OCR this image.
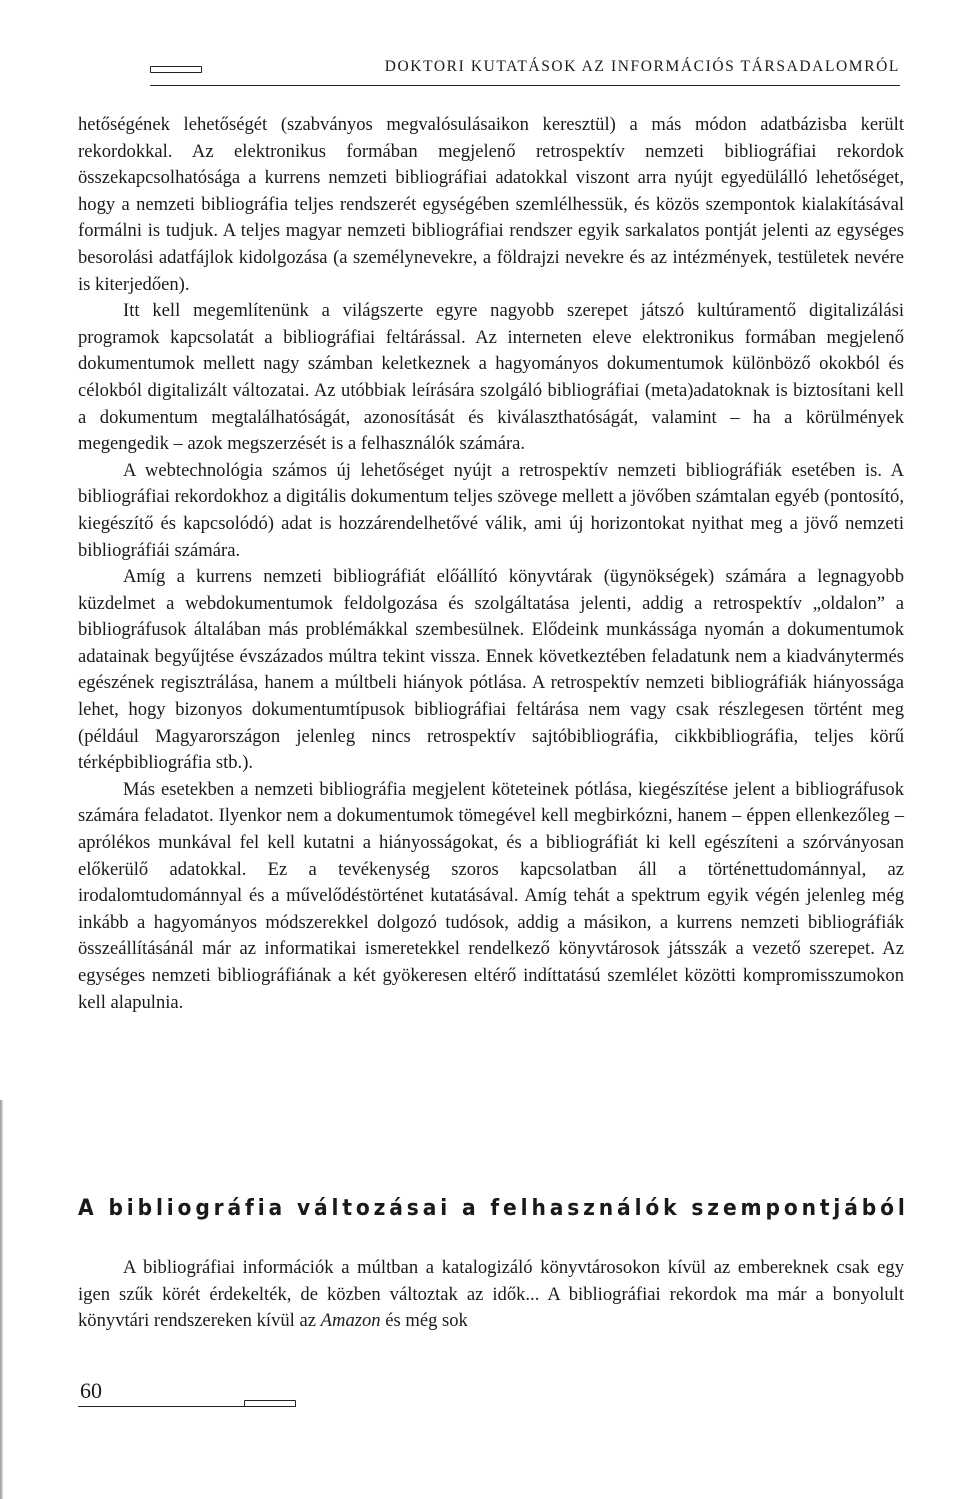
DOKTORI KUTATÁSOK AZ INFORMÁCIÓS TÁRSADALOMRÓL

hetőségének lehetőségét (szabványos megvalósulásaikon keresztül) a más módon adatbázisba került rekordokkal. Az elektronikus formában megjelenő retrospektív nemzeti bibliográfiai rekordok összekapcsolhatósága a kurrens nemzeti bibliográfiai adatokkal viszont arra nyújt egyedülálló lehetőséget, hogy a nemzeti bibliográfia teljes rendszerét egységében szemlélhessük, és közös szempontok kialakításával formálni is tudjuk. A teljes magyar nemzeti bibliográfiai rendszer egyik sarkalatos pontját jelenti az egységes besorolási adatfájlok kidolgozása (a személynevekre, a földrajzi nevekre és az intézmények, testületek nevére is kiterjedően).

Itt kell megemlítenünk a világszerte egyre nagyobb szerepet játszó kultúramentő digitalizálási programok kapcsolatát a bibliográfiai feltárással. Az interneten eleve elektronikus formában megjelenő dokumentumok mellett nagy számban keletkeznek a hagyományos dokumentumok különböző okokból és célokból digitalizált változatai. Az utóbbiak leírására szolgáló bibliográfiai (meta)adatoknak is biztosítani kell a dokumentum megtalálhatóságát, azonosítását és kiválaszthatóságát, valamint – ha a körülmények megengedik – azok megszerzését is a felhasználók számára.

A webtechnológia számos új lehetőséget nyújt a retrospektív nemzeti bibliográfiák esetében is. A bibliográfiai rekordokhoz a digitális dokumentum teljes szövege mellett a jövőben számtalan egyéb (pontosító, kiegészítő és kapcsolódó) adat is hozzárendelhetővé válik, ami új horizontokat nyithat meg a jövő nemzeti bibliográfiái számára.

Amíg a kurrens nemzeti bibliográfiát előállító könyvtárak (ügynökségek) számára a legnagyobb küzdelmet a webdokumentumok feldolgozása és szolgáltatása jelenti, addig a retrospektív „oldalon” a bibliográfusok általában más problémákkal szembesülnek. Elődeink munkássága nyomán a dokumentumok adatainak begyűjtése évszázados múltra tekint vissza. Ennek következtében feladatunk nem a kiadványtermés egészének regisztrálása, hanem a múltbeli hiányok pótlása. A retrospektív nemzeti bibliográfiák hiányossága lehet, hogy bizonyos dokumentumtípusok bibliográfiai feltárása nem vagy csak részlegesen történt meg (például Magyarországon jelenleg nincs retrospektív sajtóbibliográfia, cikkbibliográfia, teljes körű térképbibliográfia stb.).

Más esetekben a nemzeti bibliográfia megjelent köteteinek pótlása, kiegészítése jelent a bibliográfusok számára feladatot. Ilyenkor nem a dokumentumok tömegével kell megbirkózni, hanem – éppen ellenkezőleg – aprólékos munkával fel kell kutatni a hiányosságokat, és a bibliográfiát ki kell egészíteni a szórványosan előkerülő adatokkal. Ez a tevékenység szoros kapcsolatban áll a történettudománnyal, az irodalomtudománnyal és a művelődéstörténet kutatásával. Amíg tehát a spektrum egyik végén jelenleg még inkább a hagyományos módszerekkel dolgozó tudósok, addig a másikon, a kurrens nemzeti bibliográfiák összeállításánál már az informatikai ismeretekkel rendelkező könyvtárosok játsszák a vezető szerepet. Az egységes nemzeti bibliográfiának a két gyökeresen eltérő indíttatású szemlélet közötti kompromisszumokon kell alapulnia.

A bibliográfia változásai a felhasználók szempontjából

A bibliográfiai információk a múltban a katalogizáló könyvtárosokon kívül az embereknek csak egy igen szűk körét érdekelték, de közben változtak az idők... A bibliográfiai rekordok ma már a bonyolult könyvtári rendszereken kívül az Amazon és még sok

60
